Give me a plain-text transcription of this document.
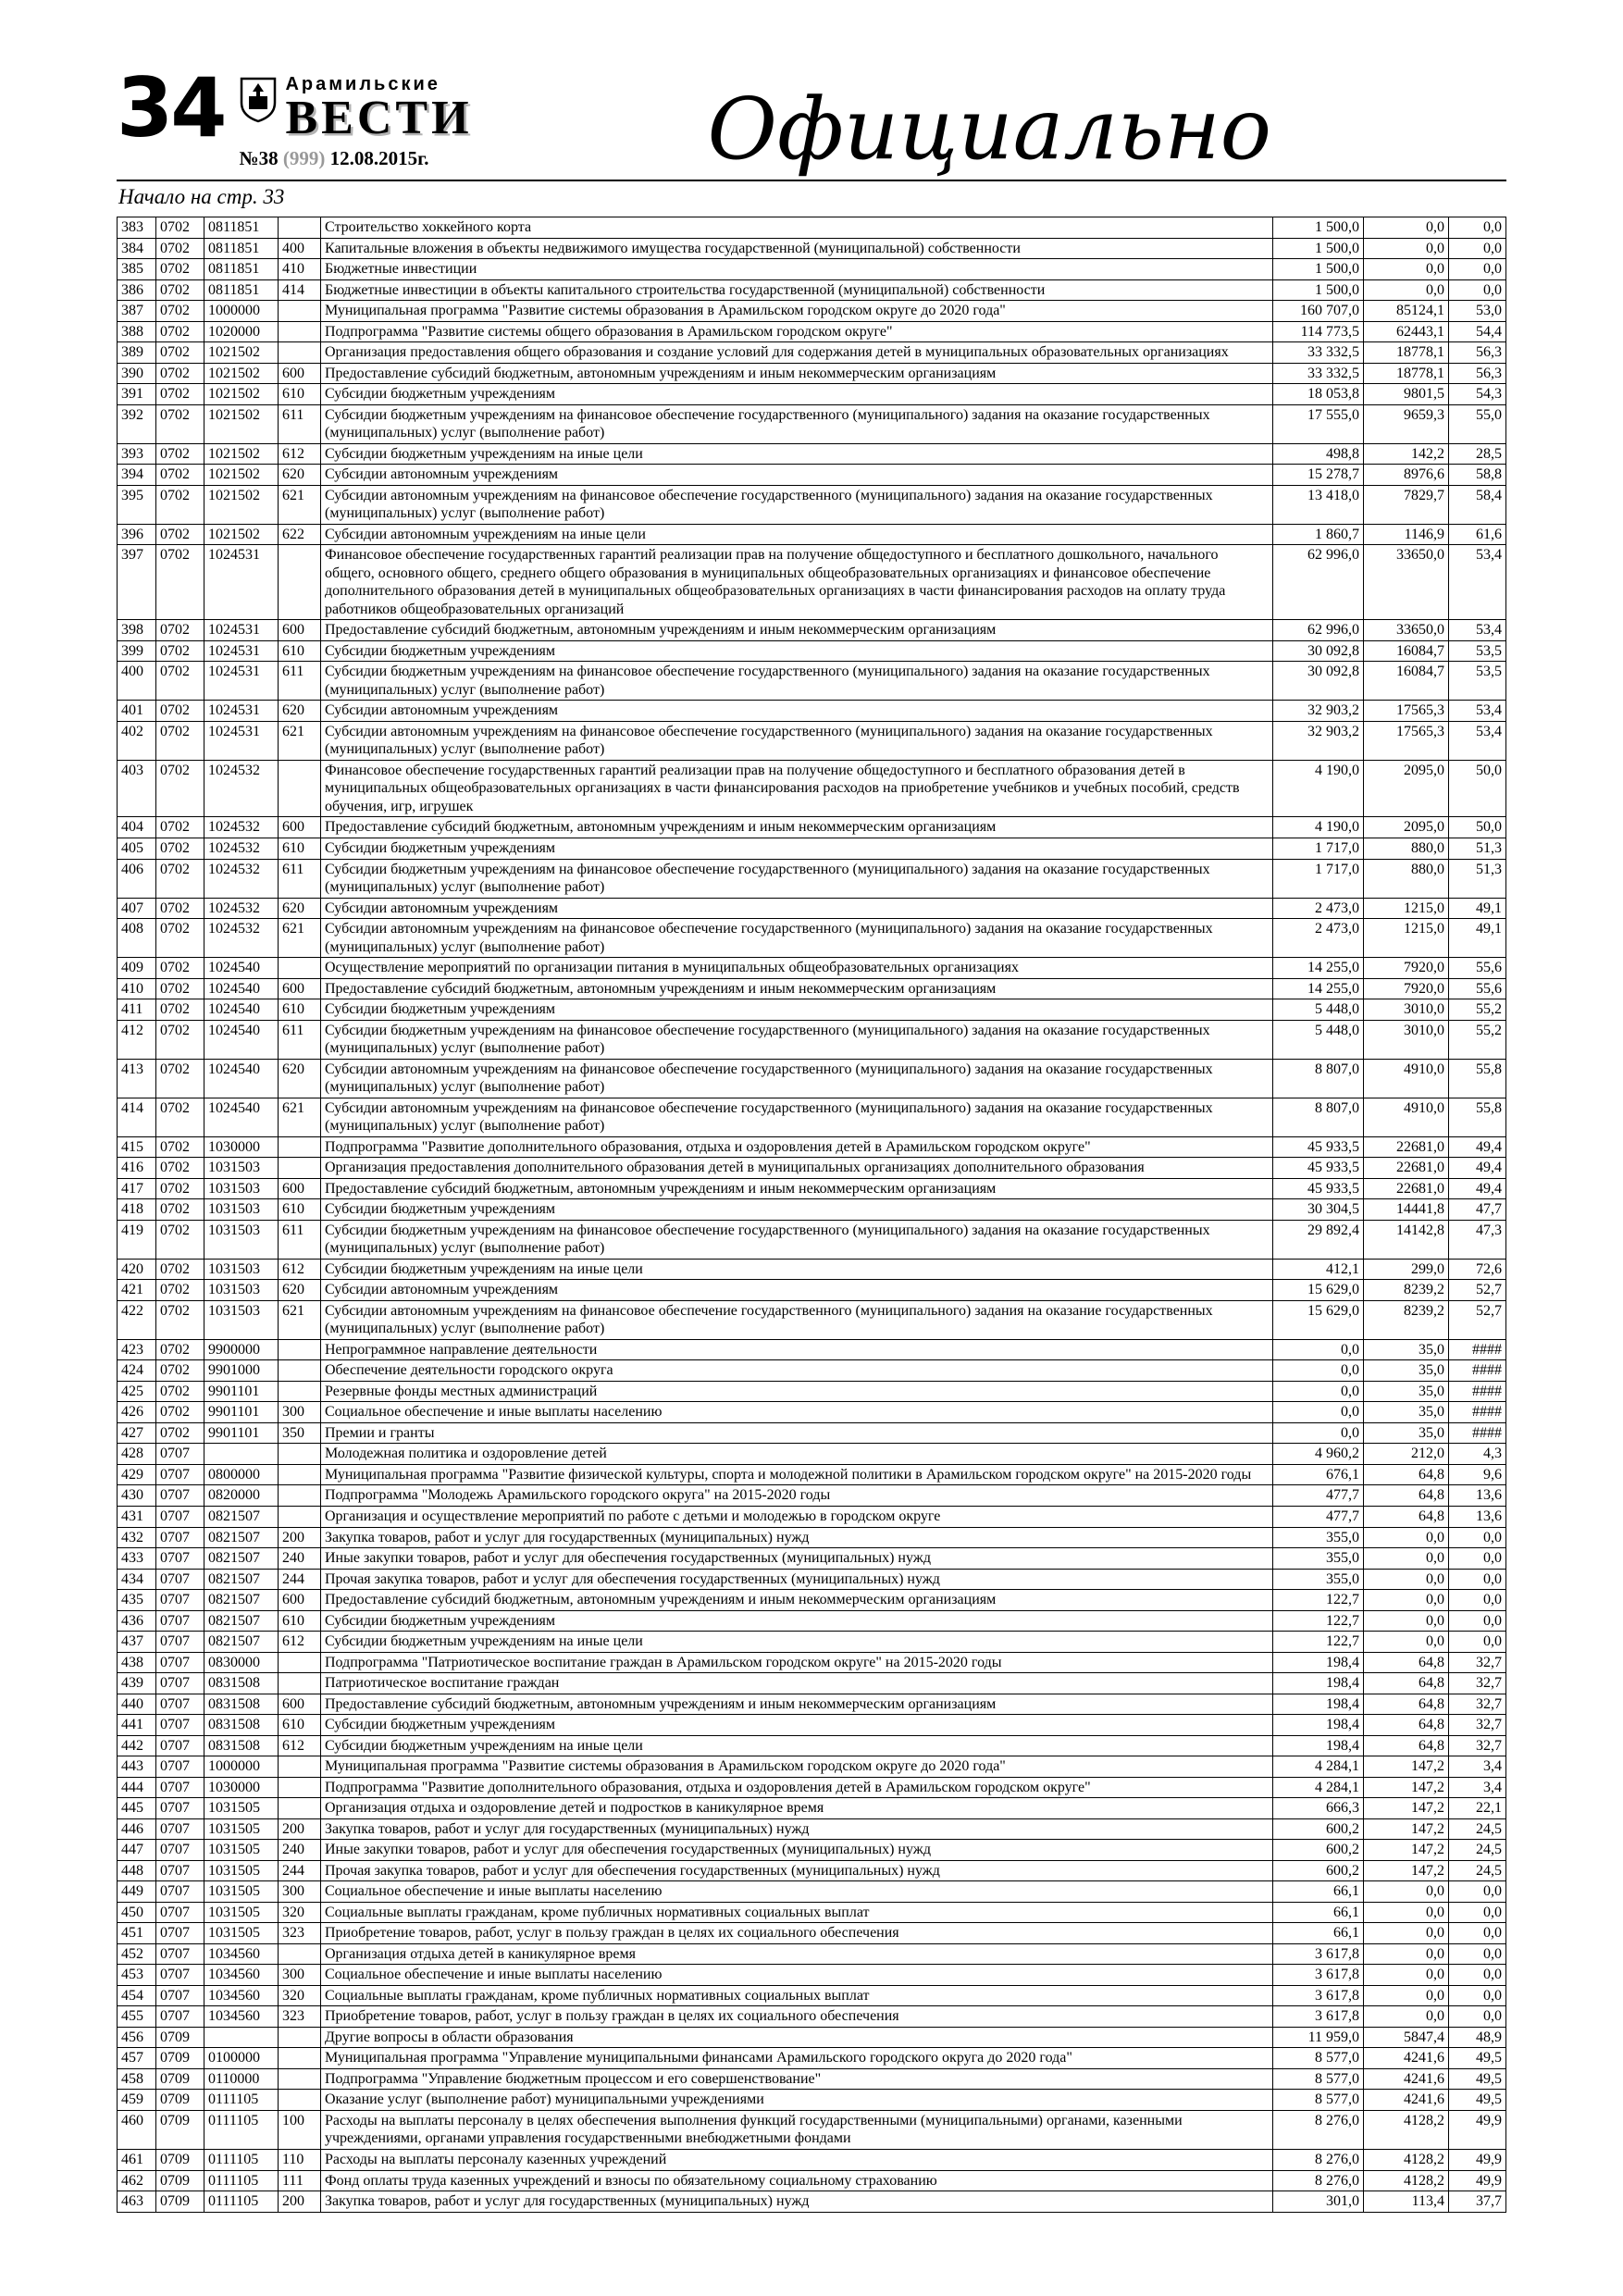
34	Арамильские
ВЕСТИ
№38 (999) 12.08.2015г.	Официально
Начало на стр. 33
383	0702	0811851		Строительство хоккейного корта	1 500,0	0,0	0,0
384	0702	0811851	400	Капитальные вложения в объекты недвижимого имущества государственной (муниципальной) собственности	1 500,0	0,0	0,0
385	0702	0811851	410	Бюджетные инвестиции	1 500,0	0,0	0,0
386	0702	0811851	414	Бюджетные инвестиции в объекты капитального строительства государственной (муниципальной) собственности	1 500,0	0,0	0,0
387	0702	1000000		Муниципальная программа "Развитие системы образования в Арамильском городском округе до 2020 года"	160 707,0	85124,1	53,0
388	0702	1020000		Подпрограмма "Развитие системы общего образования в Арамильском городском округе"	114 773,5	62443,1	54,4
389	0702	1021502		Организация предоставления общего образования и создание условий для содержания детей в муниципальных образовательных организациях	33 332,5	18778,1	56,3
390	0702	1021502	600	Предоставление субсидий бюджетным, автономным учреждениям и иным некоммерческим организациям	33 332,5	18778,1	56,3
391	0702	1021502	610	Субсидии бюджетным учреждениям	18 053,8	9801,5	54,3
392	0702	1021502	611	Субсидии бюджетным учреждениям на финансовое обеспечение государственного (муниципального) задания на оказание государственных (муниципальных) услуг (выполнение работ)	17 555,0	9659,3	55,0
393	0702	1021502	612	Субсидии бюджетным учреждениям на иные цели	498,8	142,2	28,5
394	0702	1021502	620	Субсидии автономным учреждениям	15 278,7	8976,6	58,8
395	0702	1021502	621	Субсидии автономным учреждениям на финансовое обеспечение государственного (муниципального) задания на оказание государственных (муниципальных) услуг (выполнение работ)	13 418,0	7829,7	58,4
396	0702	1021502	622	Субсидии автономным учреждениям на иные цели	1 860,7	1146,9	61,6
397	0702	1024531		Финансовое обеспечение государственных гарантий реализации прав на получение общедоступного и бесплатного дошкольного, начального общего, основного общего, среднего общего образования в муниципальных общеобразовательных организациях и финансовое обеспечение дополнительного образования детей в муниципальных общеобразовательных организациях в части финансирования расходов на оплату труда работников общеобразовательных организаций	62 996,0	33650,0	53,4
398	0702	1024531	600	Предоставление субсидий бюджетным, автономным учреждениям и иным некоммерческим организациям	62 996,0	33650,0	53,4
399	0702	1024531	610	Субсидии бюджетным учреждениям	30 092,8	16084,7	53,5
400	0702	1024531	611	Субсидии бюджетным учреждениям на финансовое обеспечение государственного (муниципального) задания на оказание государственных (муниципальных) услуг (выполнение работ)	30 092,8	16084,7	53,5
401	0702	1024531	620	Субсидии автономным учреждениям	32 903,2	17565,3	53,4
402	0702	1024531	621	Субсидии автономным учреждениям на финансовое обеспечение государственного (муниципального) задания на оказание государственных (муниципальных) услуг (выполнение работ)	32 903,2	17565,3	53,4
403	0702	1024532		Финансовое обеспечение государственных гарантий реализации прав на получение общедоступного и бесплатного образования детей в муниципальных общеобразовательных организациях в части финансирования расходов на приобретение учебников и учебных пособий, средств обучения, игр, игрушек	4 190,0	2095,0	50,0
404	0702	1024532	600	Предоставление субсидий бюджетным, автономным учреждениям и иным некоммерческим организациям	4 190,0	2095,0	50,0
405	0702	1024532	610	Субсидии бюджетным учреждениям	1 717,0	880,0	51,3
406	0702	1024532	611	Субсидии бюджетным учреждениям на финансовое обеспечение государственного (муниципального) задания на оказание государственных (муниципальных) услуг (выполнение работ)	1 717,0	880,0	51,3
407	0702	1024532	620	Субсидии автономным учреждениям	2 473,0	1215,0	49,1
408	0702	1024532	621	Субсидии автономным учреждениям на финансовое обеспечение государственного (муниципального) задания на оказание государственных (муниципальных) услуг (выполнение работ)	2 473,0	1215,0	49,1
409	0702	1024540		Осуществление мероприятий по организации питания в муниципальных общеобразовательных организациях	14 255,0	7920,0	55,6
410	0702	1024540	600	Предоставление субсидий бюджетным, автономным учреждениям и иным некоммерческим организациям	14 255,0	7920,0	55,6
411	0702	1024540	610	Субсидии бюджетным учреждениям	5 448,0	3010,0	55,2
412	0702	1024540	611	Субсидии бюджетным учреждениям на финансовое обеспечение государственного (муниципального) задания на оказание государственных (муниципальных) услуг (выполнение работ)	5 448,0	3010,0	55,2
413	0702	1024540	620	Субсидии автономным учреждениям на финансовое обеспечение государственного (муниципального) задания на оказание государственных (муниципальных) услуг (выполнение работ)	8 807,0	4910,0	55,8
414	0702	1024540	621	Субсидии автономным учреждениям на финансовое обеспечение государственного (муниципального) задания на оказание государственных (муниципальных) услуг (выполнение работ)	8 807,0	4910,0	55,8
415	0702	1030000		Подпрограмма "Развитие дополнительного образования, отдыха и оздоровления детей в Арамильском городском округе"	45 933,5	22681,0	49,4
416	0702	1031503		Организация предоставления дополнительного образования детей в муниципальных организациях дополнительного образования	45 933,5	22681,0	49,4
417	0702	1031503	600	Предоставление субсидий бюджетным, автономным учреждениям и иным некоммерческим организациям	45 933,5	22681,0	49,4
418	0702	1031503	610	Субсидии бюджетным учреждениям	30 304,5	14441,8	47,7
419	0702	1031503	611	Субсидии бюджетным учреждениям на финансовое обеспечение государственного (муниципального) задания на оказание государственных (муниципальных) услуг (выполнение работ)	29 892,4	14142,8	47,3
420	0702	1031503	612	Субсидии бюджетным учреждениям на иные цели	412,1	299,0	72,6
421	0702	1031503	620	Субсидии автономным учреждениям	15 629,0	8239,2	52,7
422	0702	1031503	621	Субсидии автономным учреждениям на финансовое обеспечение государственного (муниципального) задания на оказание государственных (муниципальных) услуг (выполнение работ)	15 629,0	8239,2	52,7
423	0702	9900000		Непрограммное направление деятельности	0,0	35,0	####
424	0702	9901000		Обеспечение деятельности городского округа	0,0	35,0	####
425	0702	9901101		Резервные фонды местных администраций	0,0	35,0	####
426	0702	9901101	300	Социальное обеспечение и иные выплаты населению	0,0	35,0	####
427	0702	9901101	350	Премии и гранты	0,0	35,0	####
428	0707			Молодежная политика и оздоровление детей	4 960,2	212,0	4,3
429	0707	0800000		Муниципальная программа "Развитие физической культуры, спорта и молодежной политики в Арамильском городском округе" на 2015-2020 годы	676,1	64,8	9,6
430	0707	0820000		Подпрограмма "Молодежь Арамильского городского округа" на 2015-2020 годы	477,7	64,8	13,6
431	0707	0821507		Организация и осуществление мероприятий по работе с детьми и молодежью в городском округе	477,7	64,8	13,6
432	0707	0821507	200	Закупка товаров, работ и услуг для государственных (муниципальных) нужд	355,0	0,0	0,0
433	0707	0821507	240	Иные закупки товаров, работ и услуг для обеспечения государственных (муниципальных) нужд	355,0	0,0	0,0
434	0707	0821507	244	Прочая закупка товаров, работ и услуг для обеспечения государственных (муниципальных) нужд	355,0	0,0	0,0
435	0707	0821507	600	Предоставление субсидий бюджетным, автономным учреждениям и иным некоммерческим организациям	122,7	0,0	0,0
436	0707	0821507	610	Субсидии бюджетным учреждениям	122,7	0,0	0,0
437	0707	0821507	612	Субсидии бюджетным учреждениям на иные цели	122,7	0,0	0,0
438	0707	0830000		Подпрограмма "Патриотическое воспитание граждан в Арамильском городском округе" на 2015-2020 годы	198,4	64,8	32,7
439	0707	0831508		Патриотическое воспитание граждан	198,4	64,8	32,7
440	0707	0831508	600	Предоставление субсидий бюджетным, автономным учреждениям и иным некоммерческим организациям	198,4	64,8	32,7
441	0707	0831508	610	Субсидии бюджетным учреждениям	198,4	64,8	32,7
442	0707	0831508	612	Субсидии бюджетным учреждениям на иные цели	198,4	64,8	32,7
443	0707	1000000		Муниципальная программа "Развитие системы образования в Арамильском городском округе до 2020 года"	4 284,1	147,2	3,4
444	0707	1030000		Подпрограмма "Развитие дополнительного образования, отдыха и оздоровления детей в Арамильском городском округе"	4 284,1	147,2	3,4
445	0707	1031505		Организация отдыха и оздоровление детей и подростков в каникулярное время	666,3	147,2	22,1
446	0707	1031505	200	Закупка товаров, работ и услуг для государственных (муниципальных) нужд	600,2	147,2	24,5
447	0707	1031505	240	Иные закупки товаров, работ и услуг для обеспечения государственных (муниципальных) нужд	600,2	147,2	24,5
448	0707	1031505	244	Прочая закупка товаров, работ и услуг для обеспечения государственных (муниципальных) нужд	600,2	147,2	24,5
449	0707	1031505	300	Социальное обеспечение и иные выплаты населению	66,1	0,0	0,0
450	0707	1031505	320	Социальные выплаты гражданам, кроме публичных нормативных социальных выплат	66,1	0,0	0,0
451	0707	1031505	323	Приобретение товаров, работ, услуг в пользу граждан в целях их социального обеспечения	66,1	0,0	0,0
452	0707	1034560		Организация отдыха детей в каникулярное время	3 617,8	0,0	0,0
453	0707	1034560	300	Социальное обеспечение и иные выплаты населению	3 617,8	0,0	0,0
454	0707	1034560	320	Социальные выплаты гражданам, кроме публичных нормативных социальных выплат	3 617,8	0,0	0,0
455	0707	1034560	323	Приобретение товаров, работ, услуг в пользу граждан в целях их социального обеспечения	3 617,8	0,0	0,0
456	0709			Другие вопросы в области образования	11 959,0	5847,4	48,9
457	0709	0100000		Муниципальная программа "Управление муниципальными финансами Арамильского городского округа до 2020 года"	8 577,0	4241,6	49,5
458	0709	0110000		Подпрограмма "Управление бюджетным процессом и его совершенствование"	8 577,0	4241,6	49,5
459	0709	0111105		Оказание услуг (выполнение работ) муниципальными учреждениями	8 577,0	4241,6	49,5
460	0709	0111105	100	Расходы на выплаты персоналу в целях обеспечения выполнения функций государственными (муниципальными) органами, казенными учреждениями, органами управления государственными внебюджетными фондами	8 276,0	4128,2	49,9
461	0709	0111105	110	Расходы на выплаты персоналу казенных учреждений	8 276,0	4128,2	49,9
462	0709	0111105	111	Фонд оплаты труда казенных учреждений и взносы по обязательному социальному страхованию	8 276,0	4128,2	49,9
463	0709	0111105	200	Закупка товаров, работ и услуг для государственных (муниципальных) нужд	301,0	113,4	37,7
